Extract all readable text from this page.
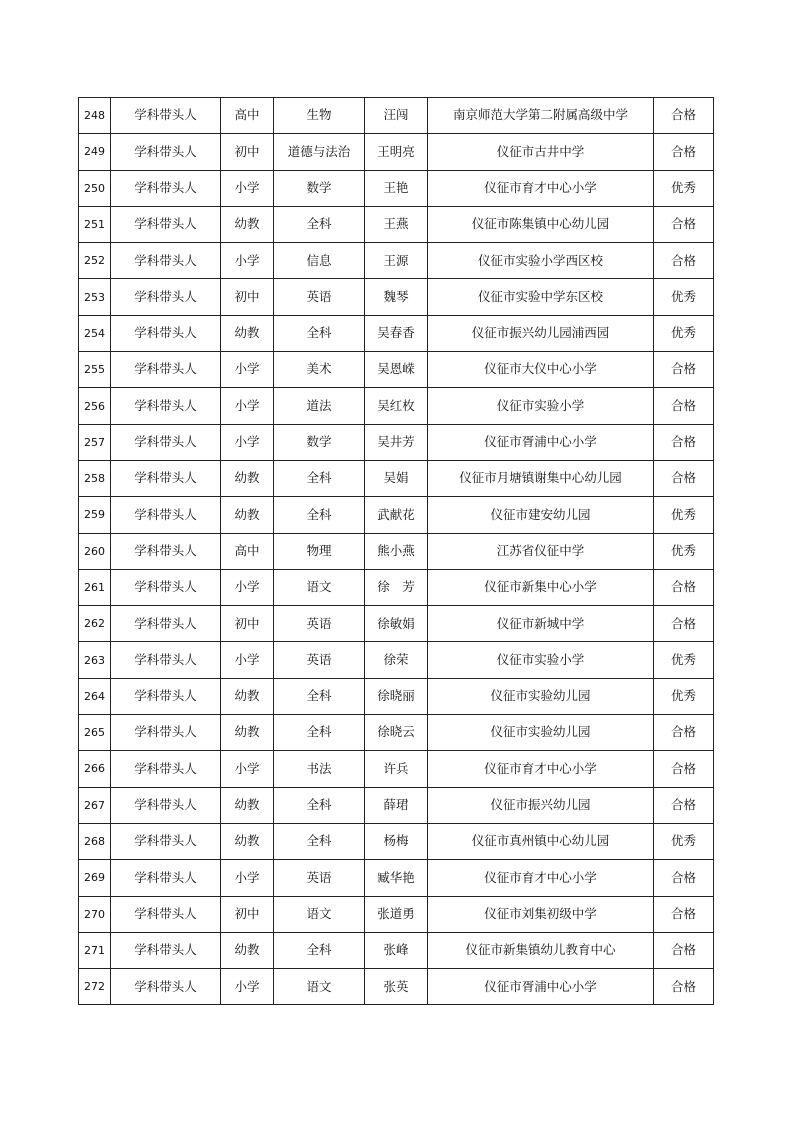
248	学科带头人	高中	生物	汪闯	南京师范大学第二附属高级中学	合格
249	学科带头人	初中	道德与法治	王明亮	仪征市古井中学	合格
250	学科带头人	小学	数学	王艳	仪征市育才中心小学	优秀
251	学科带头人	幼教	全科	王燕	仪征市陈集镇中心幼儿园	合格
252	学科带头人	小学	信息	王源	仪征市实验小学西区校	合格
253	学科带头人	初中	英语	魏琴	仪征市实验中学东区校	优秀
254	学科带头人	幼教	全科	吴春香	仪征市振兴幼儿园浦西园	优秀
255	学科带头人	小学	美术	吴恩嵘	仪征市大仪中心小学	合格
256	学科带头人	小学	道法	吴红枚	仪征市实验小学	合格
257	学科带头人	小学	数学	吴井芳	仪征市胥浦中心小学	合格
258	学科带头人	幼教	全科	吴娟	仪征市月塘镇谢集中心幼儿园	合格
259	学科带头人	幼教	全科	武献花	仪征市建安幼儿园	优秀
260	学科带头人	高中	物理	熊小燕	江苏省仪征中学	优秀
261	学科带头人	小学	语文	徐　芳	仪征市新集中心小学	合格
262	学科带头人	初中	英语	徐敏娟	仪征市新城中学	合格
263	学科带头人	小学	英语	徐荣	仪征市实验小学	优秀
264	学科带头人	幼教	全科	徐晓丽	仪征市实验幼儿园	优秀
265	学科带头人	幼教	全科	徐晓云	仪征市实验幼儿园	合格
266	学科带头人	小学	书法	许兵	仪征市育才中心小学	合格
267	学科带头人	幼教	全科	薛珺	仪征市振兴幼儿园	合格
268	学科带头人	幼教	全科	杨梅	仪征市真州镇中心幼儿园	优秀
269	学科带头人	小学	英语	臧华艳	仪征市育才中心小学	合格
270	学科带头人	初中	语文	张道勇	仪征市刘集初级中学	合格
271	学科带头人	幼教	全科	张峰	仪征市新集镇幼儿教育中心	合格
272	学科带头人	小学	语文	张英	仪征市胥浦中心小学	合格
